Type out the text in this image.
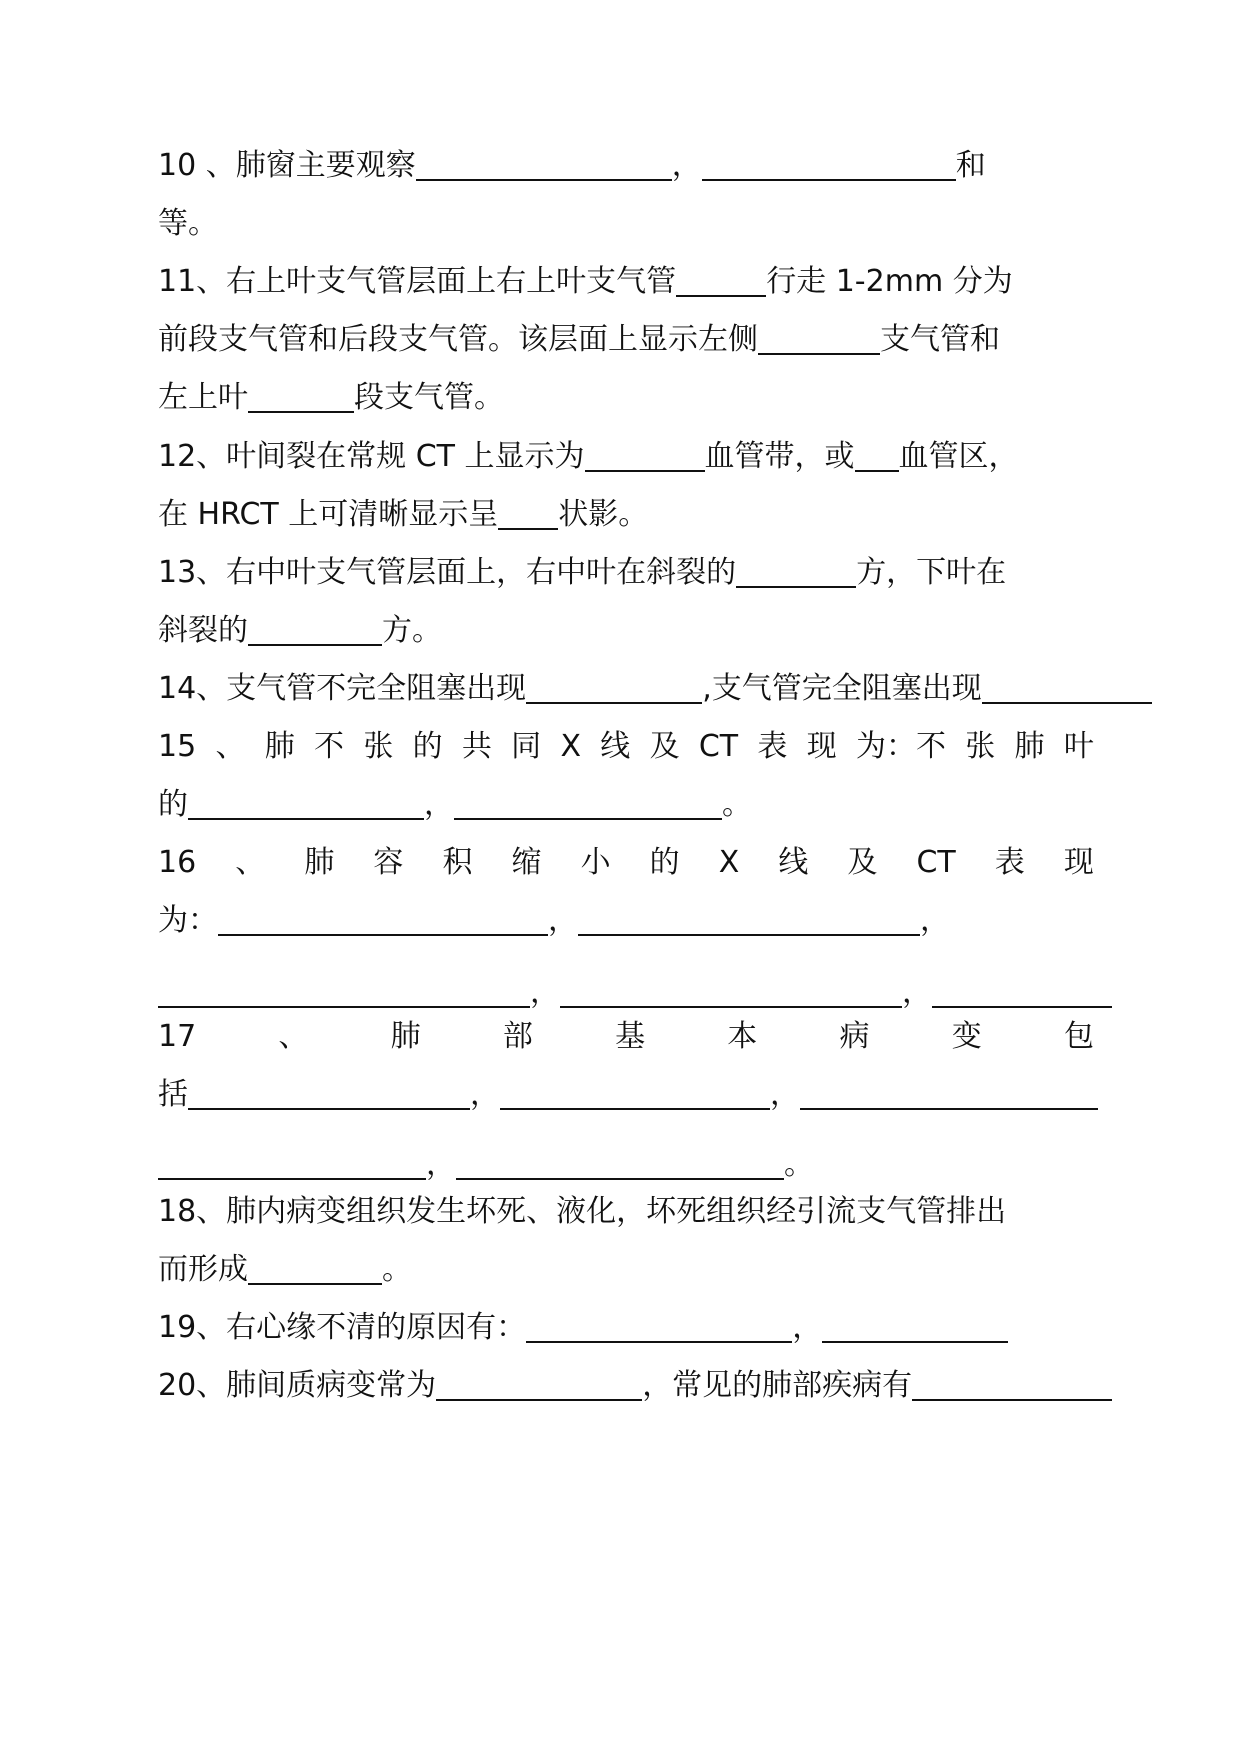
10 、肺窗主要观察	，	和
等。
11、右上叶支气管层面上右上叶支气管	行走 1-2mm 分为
前段支气管和后段支气管。该层面上显示左侧	支气管和
左上叶	段支气管。
12、叶间裂在常规 CT 上显示为	血管带，或 血管区，
在 HRCT 上可清晰显示呈 状影。
13、右中叶支气管层面上，右中叶在斜裂的	方，下叶在
斜裂的	方。
14、支气管不完全阻塞出现	,支气管完全阻塞出现
15 、 肺 不 张 的 共 同 X 线 及 CT 表 现 为：不 张 肺 叶
的	，	。
16 、 肺 容 积 缩 小 的 X 线 及 CT 表 现
为：	，	，
，	，
17	、	肺	部	基	本	病	变	包
括	，	，
，	。
18、肺内病变组织发生坏死、液化，坏死组织经引流支气管排出
而形成	。
19、右心缘不清的原因有：	，
20、肺间质病变常为	，常见的肺部疾病有
